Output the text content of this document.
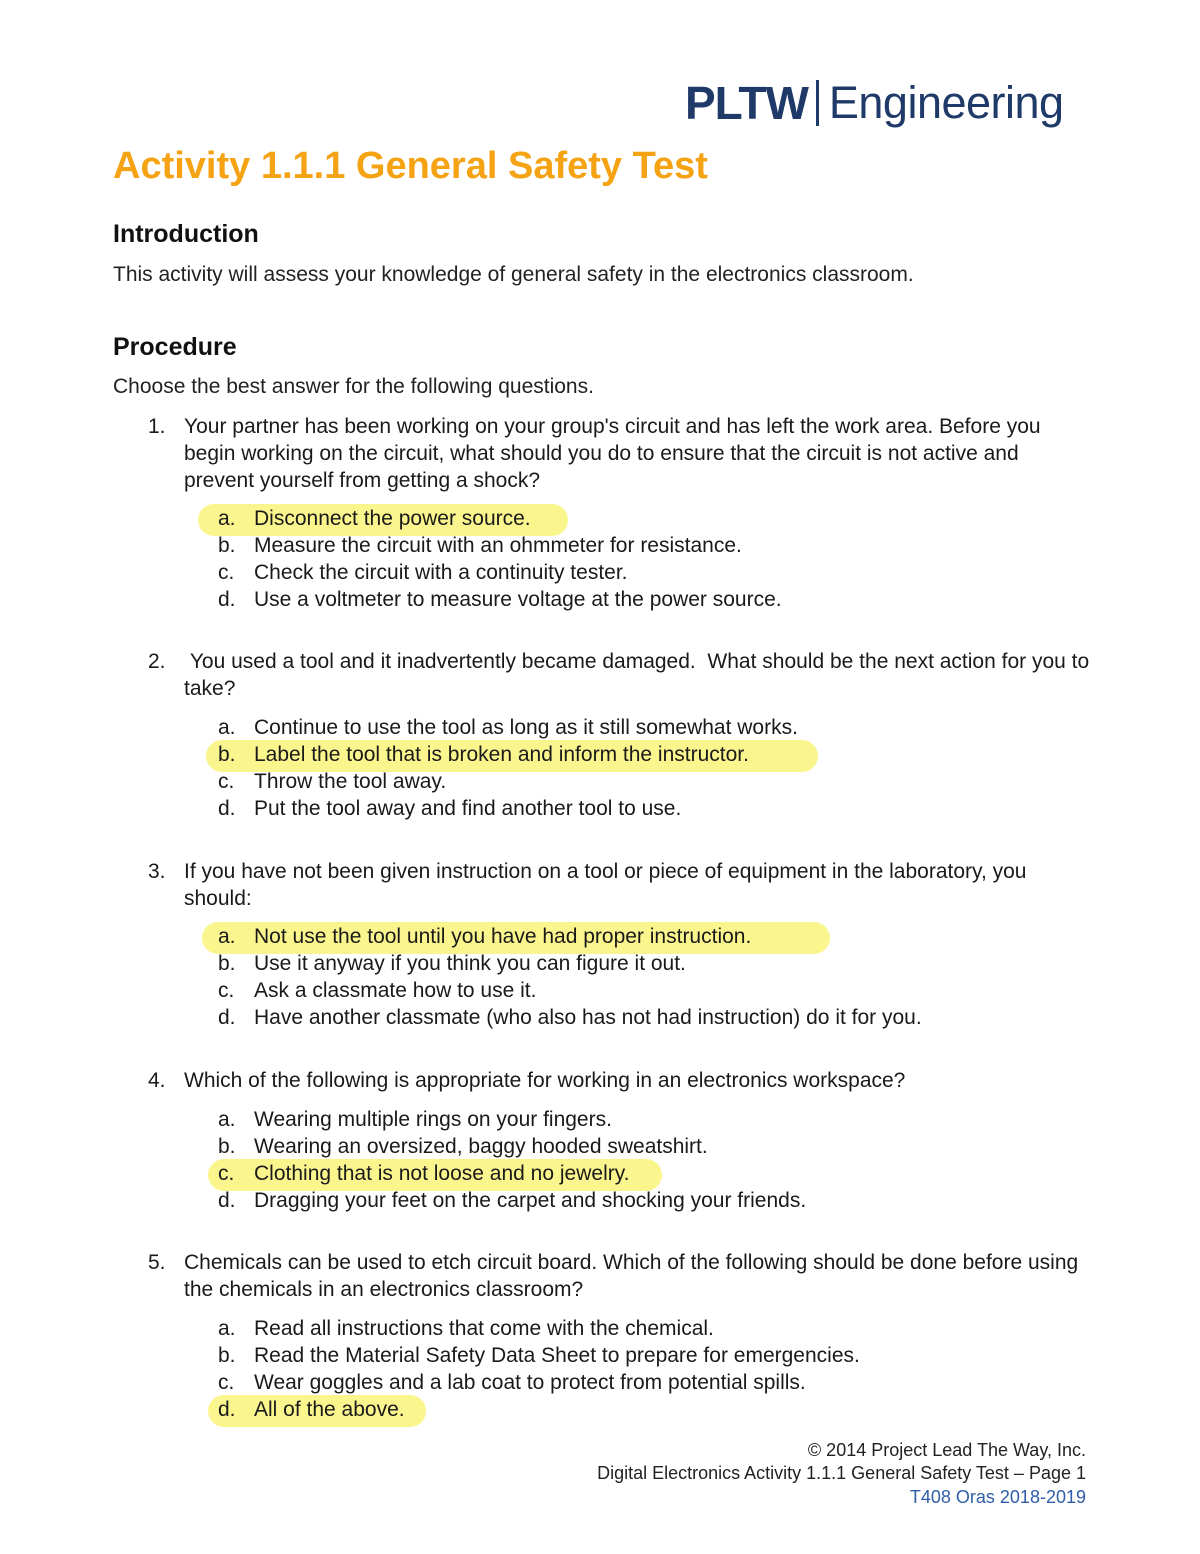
PLTW Engineering
Activity 1.1.1 General Safety Test
Introduction

This activity will assess your knowledge of general safety in the electronics classroom.

Procedure

Choose the best answer for the following questions.

1. Your partner has been working on your group's circuit and has left the work area. Before you begin working on the circuit, what should you do to ensure that the circuit is not active and prevent yourself from getting a shock?

a. Disconnect the power source.
b. Measure the circuit with an ohmmeter for resistance.
c. Check the circuit with a continuity tester.
d. Use a voltmeter to measure voltage at the power source.
2. You used a tool and it inadvertently became damaged.  What should be the next action for you to take?

a. Continue to use the tool as long as it still somewhat works.
b. Label the tool that is broken and inform the instructor.
c. Throw the tool away.
d. Put the tool away and find another tool to use.
3. If you have not been given instruction on a tool or piece of equipment in the laboratory, you should:

a. Not use the tool until you have had proper instruction.
b. Use it anyway if you think you can figure it out.
c. Ask a classmate how to use it.
d. Have another classmate (who also has not had instruction) do it for you.
4. Which of the following is appropriate for working in an electronics workspace?

a. Wearing multiple rings on your fingers.
b. Wearing an oversized, baggy hooded sweatshirt.
c. Clothing that is not loose and no jewelry.
d. Dragging your feet on the carpet and shocking your friends.
5. Chemicals can be used to etch circuit board. Which of the following should be done before using the chemicals in an electronics classroom?

a. Read all instructions that come with the chemical.
b. Read the Material Safety Data Sheet to prepare for emergencies.
c. Wear goggles and a lab coat to protect from potential spills.
d. All of the above.
© 2014 Project Lead The Way, Inc.
Digital Electronics Activity 1.1.1 General Safety Test – Page 1
T408 Oras 2018-2019
